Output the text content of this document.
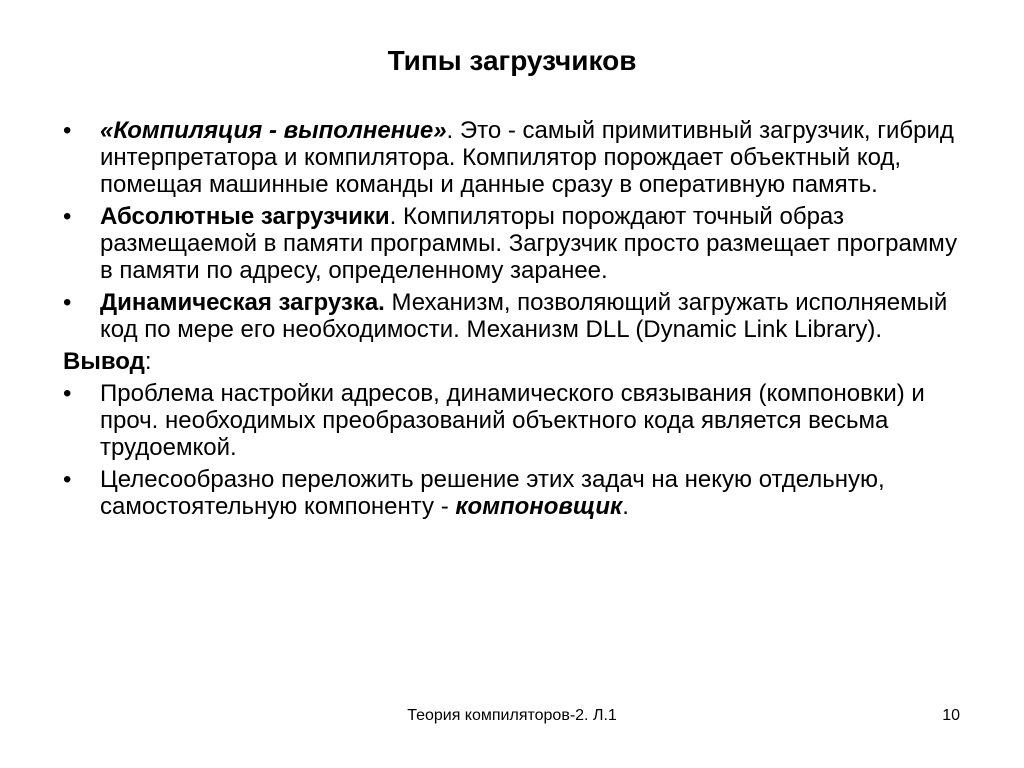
Типы загрузчиков
•	«Компиляция - выполнение». Это - самый примитивный загрузчик, гибрид интерпретатора и компилятора. Компилятор порождает объектный код, помещая машинные команды и данные сразу в оперативную память.
•	Абсолютные загрузчики. Компиляторы порождают точный образ размещаемой в памяти программы. Загрузчик просто размещает программу в памяти по адресу, определенному заранее.
•	Динамическая загрузка. Механизм, позволяющий загружать исполняемый код по мере его необходимости. Механизм DLL (Dynamic Link Library).
Вывод:
•	Проблема настройки адресов, динамического связывания (компоновки) и проч. необходимых преобразований объектного кода является весьма трудоемкой.
•	Целесообразно переложить решение этих задач на некую отдельную, самостоятельную компоненту - компоновщик.
Теория компиляторов-2. Л.1	10
